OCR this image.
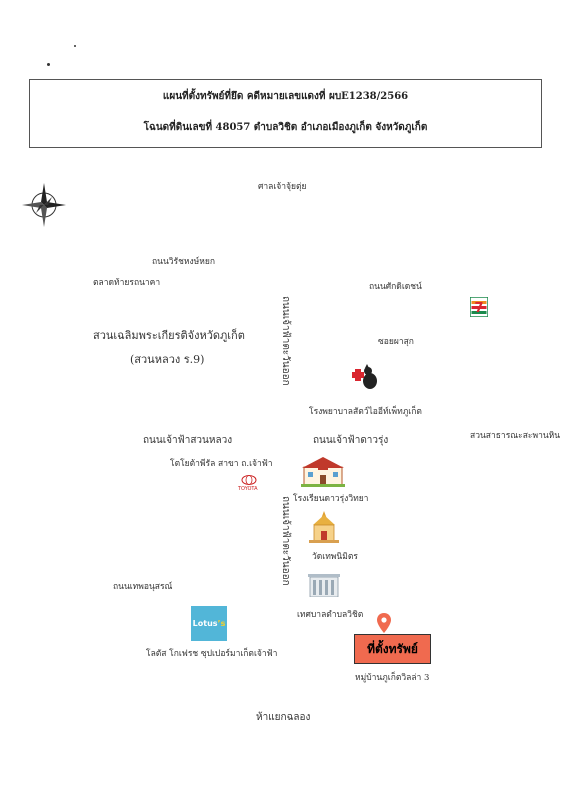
แผนที่ตั้งทรัพย์ที่ยึด คดีหมายเลขแดงที่ ผบE1238/2566
โฉนดที่ดินเลขที่ 48057 ตำบลวิชิต อำเภอเมืองภูเก็ต จังหวัดภูเก็ต
ศาลเจ้าจุ้ยตุ่ย
ถนนวิรัชหงษ์หยก
ตลาดท้ายรถนาคา	ถนนศักดิเดชน์
7
ซอยผาสุก
สวนเฉลิมพระเกียรติจังหวัดภูเก็ต
(สวนหลวง ร.9)	ถนนเจ้าฟ้าตะวันออก
โรงพยาบาลสัตว์ไออีท์เพ็ทภูเก็ต
สวนสาธารณะสะพานหิน
ถนนเจ้าฟ้าสวนหลวง	ถนนเจ้าฟ้าดาวรุ่ง
โตโยต้าพีรัล สาขา ถ.เจ้าฟ้า
TOYOTA
โรงเรียนดาวรุ่งวิทยา
ถนนเจ้าฟ้าตะวันออก วัดเทพนิมิตร
ถนนเทพอนุสรณ์
เทศบาลตำบลวิชิต
Lotus ’s
โลตัส โกเฟรช ซุปเปอร์มาเก็ตเจ้าฟ้า	ที่ตั้งทรัพย์
หมู่บ้านภูเก็ตวิลล่า 3
ห้าแยกฉลอง
